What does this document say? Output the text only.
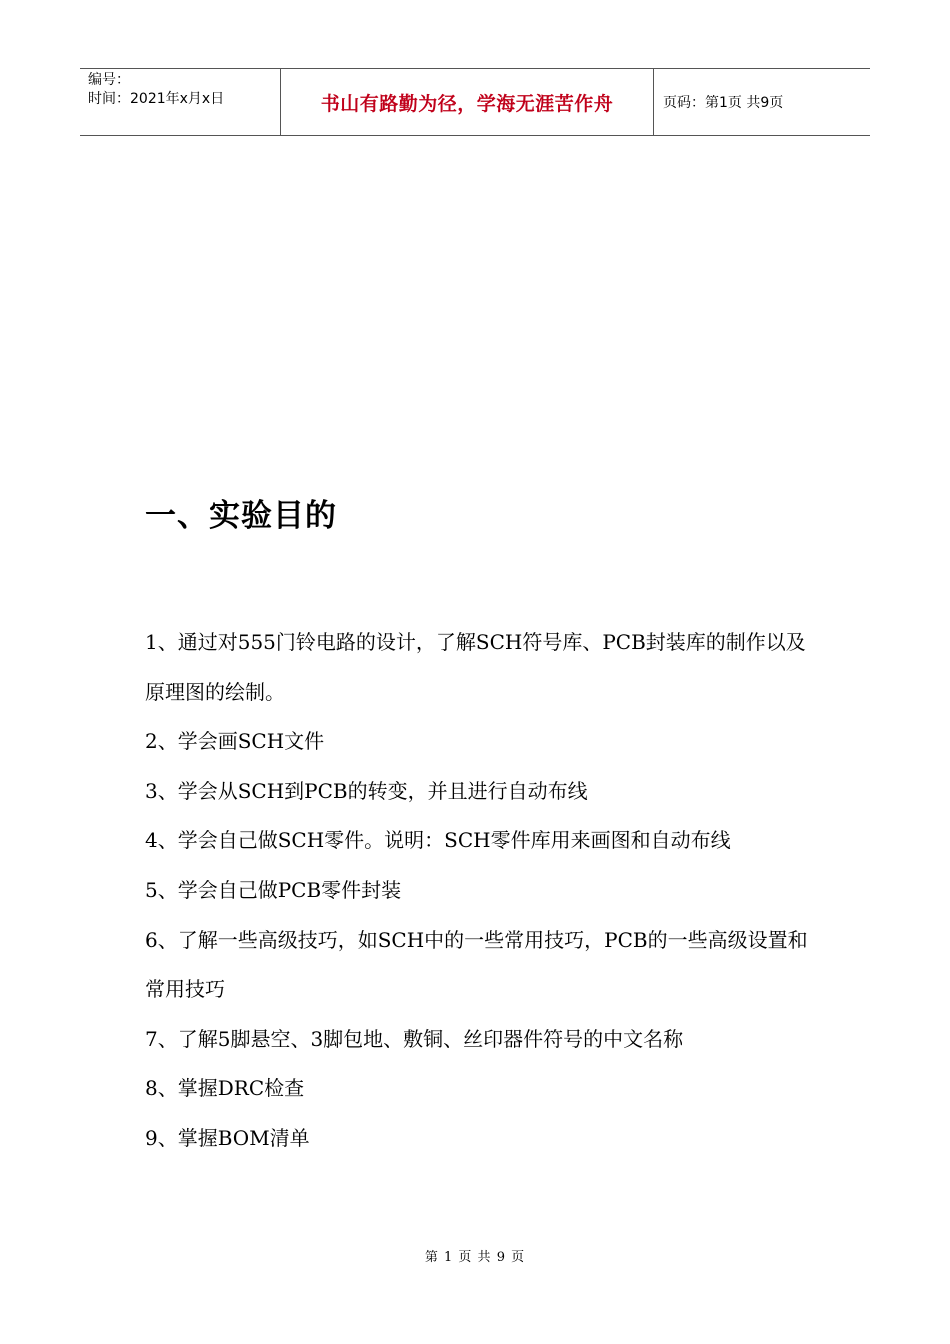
编号：
时间：2021年x月x日	书山有路勤为径，学海无涯苦作舟	页码：第1页 共9页
一、实验目的

1、通过对555门铃电路的设计，了解SCH符号库、PCB封装库的制作以及原理图的绘制。

2、学会画SCH文件

3、学会从SCH到PCB的转变，并且进行自动布线

4、学会自己做SCH零件。说明：SCH零件库用来画图和自动布线

5、学会自己做PCB零件封装

6、了解一些高级技巧，如SCH中的一些常用技巧，PCB的一些高级设置和常用技巧

7、了解5脚悬空、3脚包地、敷铜、丝印器件符号的中文名称

8、掌握DRC检查

9、掌握BOM清单

第 1 页 共 9 页
